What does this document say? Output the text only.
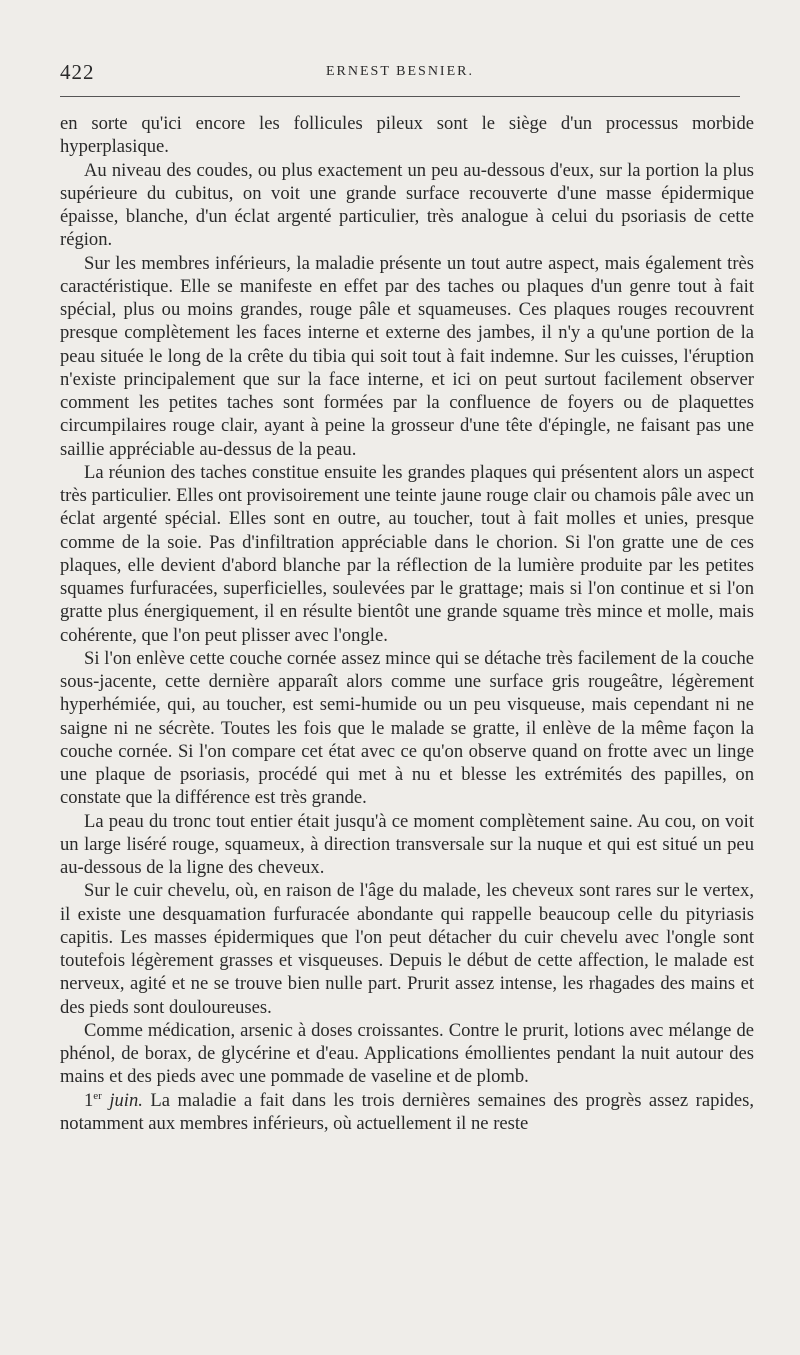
422	ERNEST BESNIER.

en sorte qu'ici encore les follicules pileux sont le siège d'un processus morbide hyperplasique.

Au niveau des coudes, ou plus exactement un peu au-dessous d'eux, sur la portion la plus supérieure du cubitus, on voit une grande surface recouverte d'une masse épidermique épaisse, blanche, d'un éclat argenté particulier, très analogue à celui du psoriasis de cette région.

Sur les membres inférieurs, la maladie présente un tout autre aspect, mais également très caractéristique. Elle se manifeste en effet par des taches ou plaques d'un genre tout à fait spécial, plus ou moins grandes, rouge pâle et squameuses. Ces plaques rouges recouvrent presque complètement les faces interne et externe des jambes, il n'y a qu'une portion de la peau située le long de la crête du tibia qui soit tout à fait indemne. Sur les cuisses, l'éruption n'existe principalement que sur la face interne, et ici on peut surtout facilement observer comment les petites taches sont formées par la confluence de foyers ou de plaquettes circumpilaires rouge clair, ayant à peine la grosseur d'une tête d'épingle, ne faisant pas une saillie appréciable au-dessus de la peau.

La réunion des taches constitue ensuite les grandes plaques qui présentent alors un aspect très particulier. Elles ont provisoirement une teinte jaune rouge clair ou chamois pâle avec un éclat argenté spécial. Elles sont en outre, au toucher, tout à fait molles et unies, presque comme de la soie. Pas d'infiltration appréciable dans le chorion. Si l'on gratte une de ces plaques, elle devient d'abord blanche par la réflection de la lumière produite par les petites squames furfuracées, superficielles, soulevées par le grattage; mais si l'on continue et si l'on gratte plus énergiquement, il en résulte bientôt une grande squame très mince et molle, mais cohérente, que l'on peut plisser avec l'ongle.

Si l'on enlève cette couche cornée assez mince qui se détache très facilement de la couche sous-jacente, cette dernière apparaît alors comme une surface gris rougeâtre, légèrement hyperhémiée, qui, au toucher, est semi-humide ou un peu visqueuse, mais cependant ni ne saigne ni ne sécrète. Toutes les fois que le malade se gratte, il enlève de la même façon la couche cornée. Si l'on compare cet état avec ce qu'on observe quand on frotte avec un linge une plaque de psoriasis, procédé qui met à nu et blesse les extrémités des papilles, on constate que la différence est très grande.

La peau du tronc tout entier était jusqu'à ce moment complètement saine. Au cou, on voit un large liséré rouge, squameux, à direction transversale sur la nuque et qui est situé un peu au-dessous de la ligne des cheveux.

Sur le cuir chevelu, où, en raison de l'âge du malade, les cheveux sont rares sur le vertex, il existe une desquamation furfuracée abondante qui rappelle beaucoup celle du pityriasis capitis. Les masses épidermiques que l'on peut détacher du cuir chevelu avec l'ongle sont toutefois légèrement grasses et visqueuses. Depuis le début de cette affection, le malade est nerveux, agité et ne se trouve bien nulle part. Prurit assez intense, les rhagades des mains et des pieds sont douloureuses.

Comme médication, arsenic à doses croissantes. Contre le prurit, lotions avec mélange de phénol, de borax, de glycérine et d'eau. Applications émollientes pendant la nuit autour des mains et des pieds avec une pommade de vaseline et de plomb.

1er juin. La maladie a fait dans les trois dernières semaines des progrès assez rapides, notamment aux membres inférieurs, où actuellement il ne reste
